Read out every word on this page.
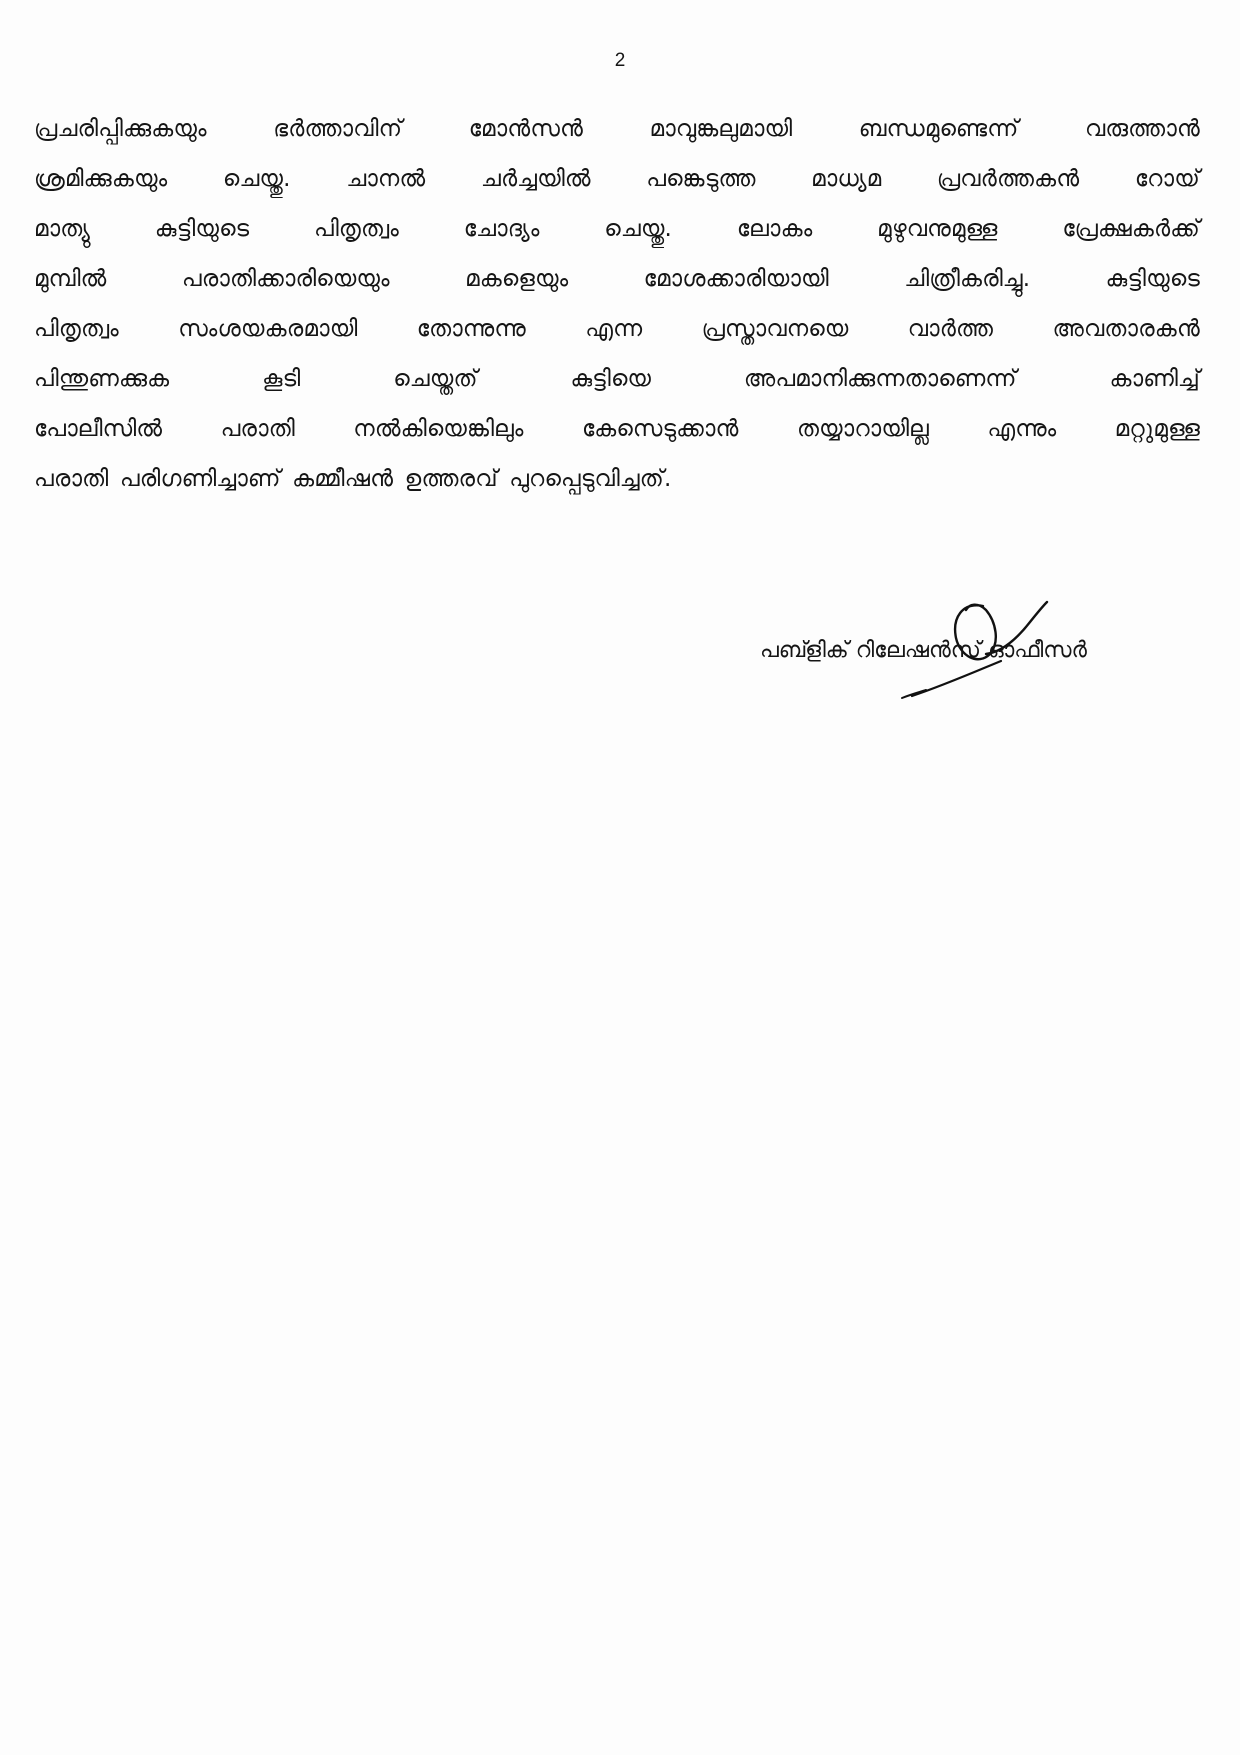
2

പ്രചരിപ്പിക്കുകയും ഭർത്താവിന് മോൻസൻ മാവുങ്കലുമായി ബന്ധമുണ്ടെന്ന് വരുത്താൻ

ശ്രമിക്കുകയും ചെയ്തു. ചാനൽ ചർച്ചയിൽ പങ്കെടുത്ത മാധ്യമ പ്രവർത്തകൻ റോയ്

മാത്യു കുട്ടിയുടെ പിതൃത്വം ചോദ്യം ചെയ്തു. ലോകം മുഴുവനുമുള്ള പ്രേക്ഷകർക്ക്

മുമ്പിൽ പരാതിക്കാരിയെയും മകളെയും മോശക്കാരിയായി ചിത്രീകരിച്ചു. കുട്ടിയുടെ

പിതൃത്വം സംശയകരമായി തോന്നുന്നു എന്ന പ്രസ്താവനയെ വാർത്ത അവതാരകൻ

പിന്തുണക്കുക കൂടി ചെയ്തത് കുട്ടിയെ അപമാനിക്കുന്നതാണെന്ന് കാണിച്ച്

പോലീസിൽ പരാതി നൽകിയെങ്കിലും കേസെടുക്കാൻ തയ്യാറായില്ല എന്നും മറ്റുമുള്ള

പരാതി പരിഗണിച്ചാണ് കമ്മീഷൻ ഉത്തരവ് പുറപ്പെടുവിച്ചത്.

പബ്ളിക് റിലേഷൻസ് ഓഫീസർ
